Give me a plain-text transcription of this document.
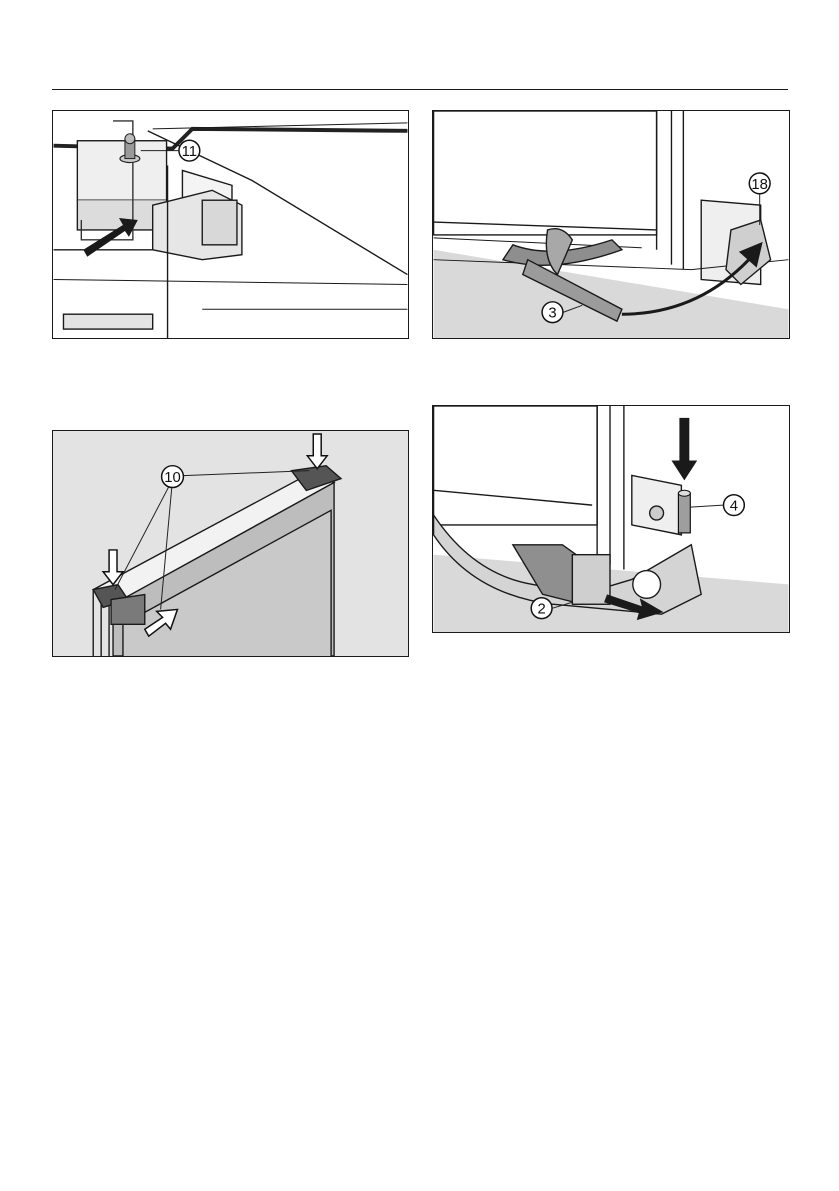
11
18
3
10
4
2
